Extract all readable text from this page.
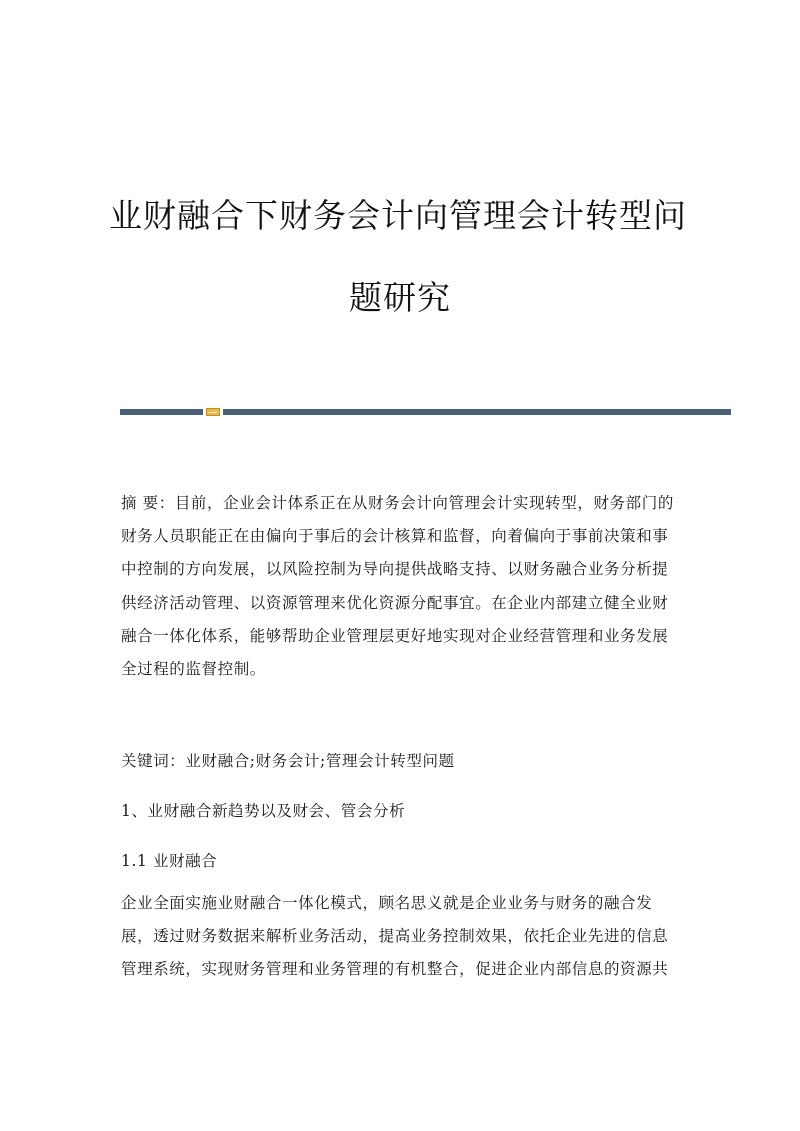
业财融合下财务会计向管理会计转型问
题研究
摘 要：目前，企业会计体系正在从财务会计向管理会计实现转型，财务部门的
财务人员职能正在由偏向于事后的会计核算和监督，向着偏向于事前决策和事
中控制的方向发展，以风险控制为导向提供战略支持、以财务融合业务分析提
供经济活动管理、以资源管理来优化资源分配事宜。在企业内部建立健全业财
融合一体化体系，能够帮助企业管理层更好地实现对企业经营管理和业务发展
全过程的监督控制。
关键词：业财融合;财务会计;管理会计转型问题
1、业财融合新趋势以及财会、管会分析
1.1 业财融合
企业全面实施业财融合一体化模式，顾名思义就是企业业务与财务的融合发
展，透过财务数据来解析业务活动，提高业务控制效果，依托企业先进的信息
管理系统，实现财务管理和业务管理的有机整合，促进企业内部信息的资源共
